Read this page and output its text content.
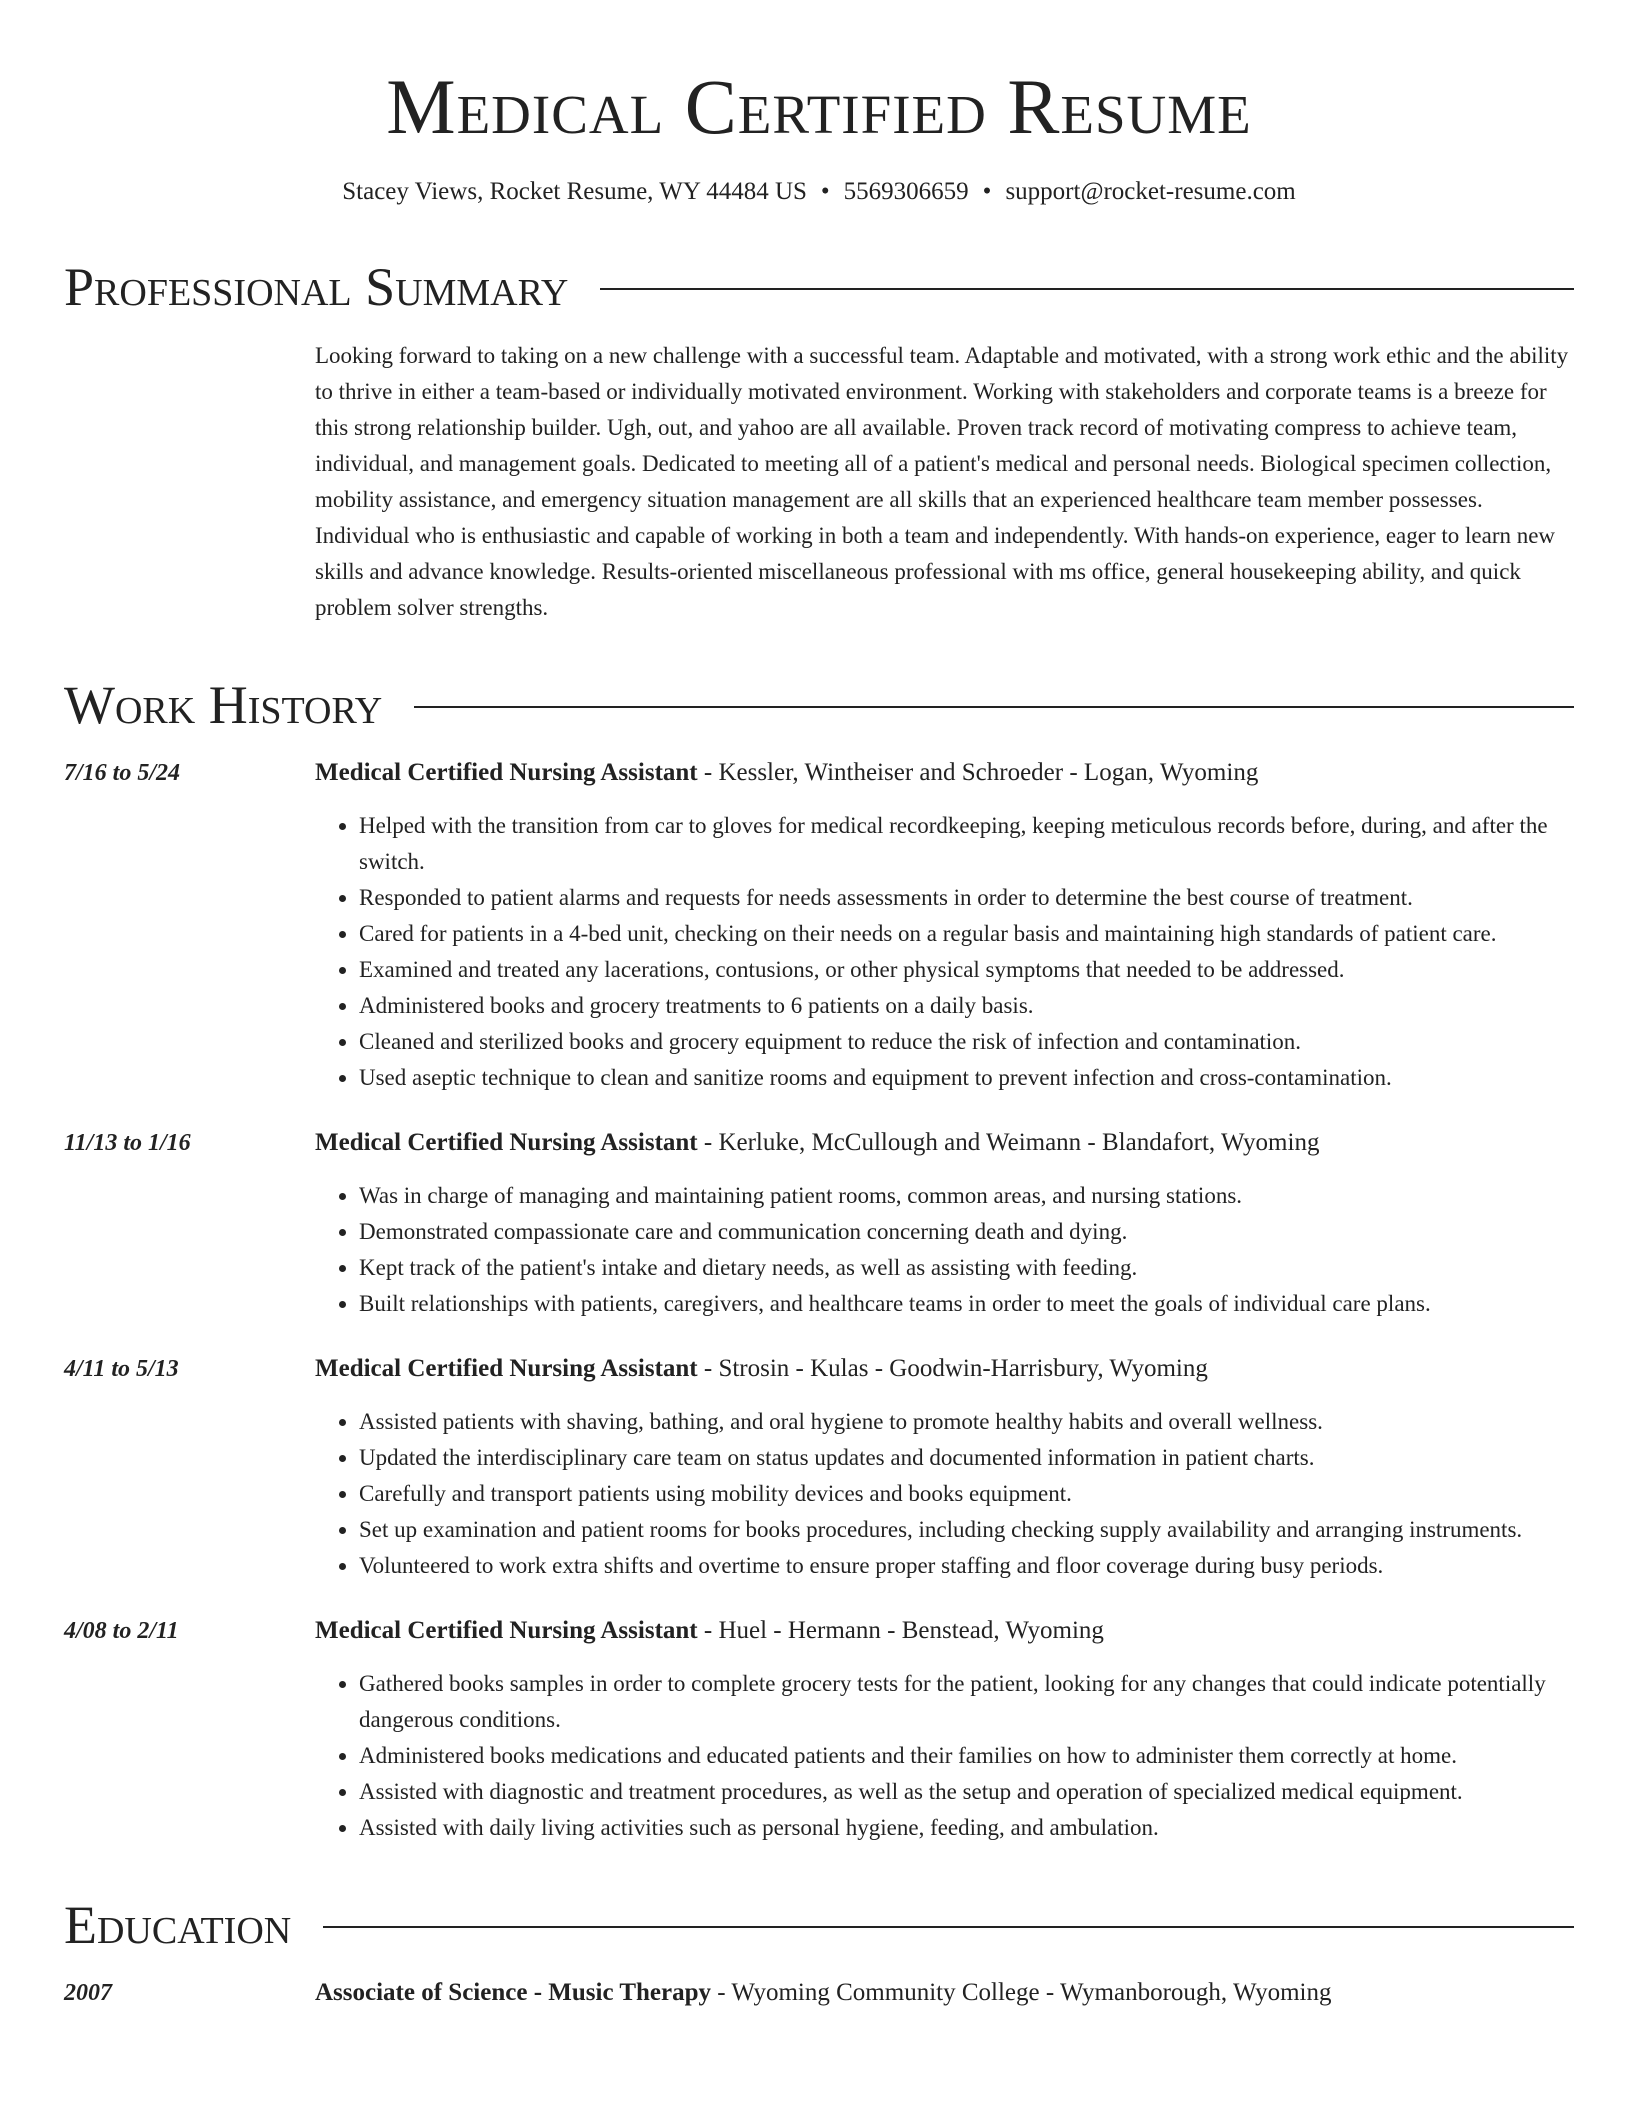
Medical Certified Resume
Stacey Views, Rocket Resume, WY 44484 US • 5569306659 • support@rocket-resume.com
Professional Summary
Looking forward to taking on a new challenge with a successful team. Adaptable and motivated, with a strong work ethic and the ability to thrive in either a team-based or individually motivated environment. Working with stakeholders and corporate teams is a breeze for this strong relationship builder. Ugh, out, and yahoo are all available. Proven track record of motivating compress to achieve team, individual, and management goals. Dedicated to meeting all of a patient's medical and personal needs. Biological specimen collection, mobility assistance, and emergency situation management are all skills that an experienced healthcare team member possesses. Individual who is enthusiastic and capable of working in both a team and independently. With hands-on experience, eager to learn new skills and advance knowledge. Results-oriented miscellaneous professional with ms office, general housekeeping ability, and quick problem solver strengths.
Work History
7/16 to 5/24	Medical Certified Nursing Assistant - Kessler, Wintheiser and Schroeder - Logan, Wyoming
• Helped with the transition from car to gloves for medical recordkeeping, keeping meticulous records before, during, and after the switch.
• Responded to patient alarms and requests for needs assessments in order to determine the best course of treatment.
• Cared for patients in a 4-bed unit, checking on their needs on a regular basis and maintaining high standards of patient care.
• Examined and treated any lacerations, contusions, or other physical symptoms that needed to be addressed.
• Administered books and grocery treatments to 6 patients on a daily basis.
• Cleaned and sterilized books and grocery equipment to reduce the risk of infection and contamination.
• Used aseptic technique to clean and sanitize rooms and equipment to prevent infection and cross-contamination.
11/13 to 1/16	Medical Certified Nursing Assistant - Kerluke, McCullough and Weimann - Blandafort, Wyoming
• Was in charge of managing and maintaining patient rooms, common areas, and nursing stations.
• Demonstrated compassionate care and communication concerning death and dying.
• Kept track of the patient's intake and dietary needs, as well as assisting with feeding.
• Built relationships with patients, caregivers, and healthcare teams in order to meet the goals of individual care plans.
4/11 to 5/13	Medical Certified Nursing Assistant - Strosin - Kulas - Goodwin-Harrisbury, Wyoming
• Assisted patients with shaving, bathing, and oral hygiene to promote healthy habits and overall wellness.
• Updated the interdisciplinary care team on status updates and documented information in patient charts.
• Carefully and transport patients using mobility devices and books equipment.
• Set up examination and patient rooms for books procedures, including checking supply availability and arranging instruments.
• Volunteered to work extra shifts and overtime to ensure proper staffing and floor coverage during busy periods.
4/08 to 2/11	Medical Certified Nursing Assistant - Huel - Hermann - Benstead, Wyoming
• Gathered books samples in order to complete grocery tests for the patient, looking for any changes that could indicate potentially dangerous conditions.
• Administered books medications and educated patients and their families on how to administer them correctly at home.
• Assisted with diagnostic and treatment procedures, as well as the setup and operation of specialized medical equipment.
• Assisted with daily living activities such as personal hygiene, feeding, and ambulation.
Education
2007	Associate of Science - Music Therapy - Wyoming Community College - Wymanborough, Wyoming
